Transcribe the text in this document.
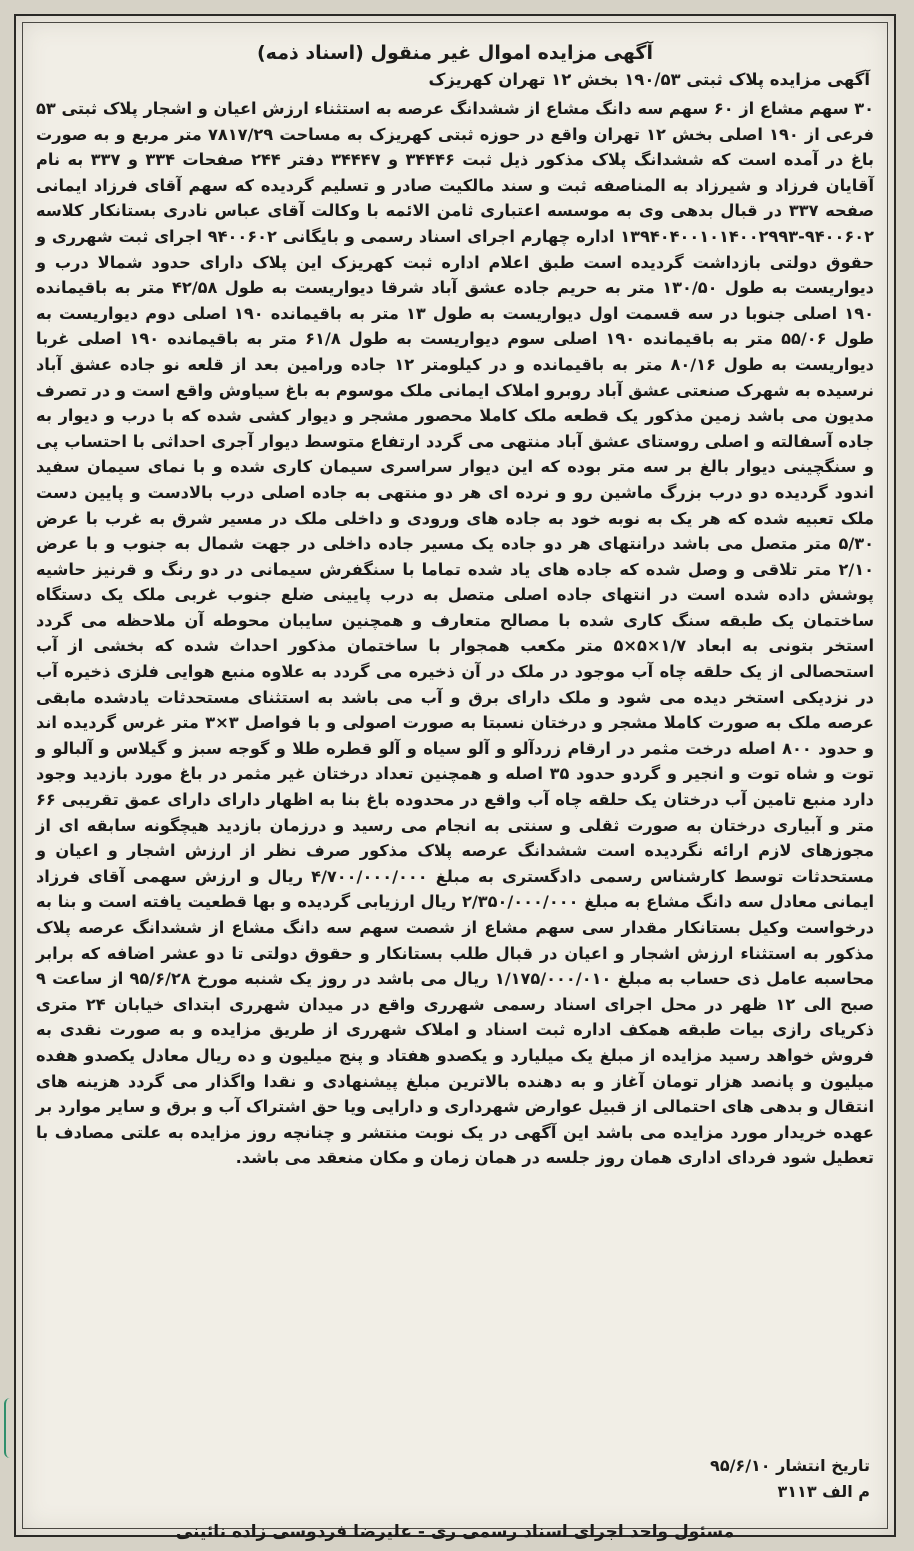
آگهی مزایده اموال غیر منقول (اسناد ذمه)
آگهی مزایده پلاک ثبتی ۱۹۰/۵۳ بخش ۱۲ تهران کهریزک
۳۰ سهم مشاع از ۶۰ سهم سه دانگ مشاع از ششدانگ عرصه به استثناء ارزش اعیان و اشجار پلاک ثبتی ۵۳ فرعی از ۱۹۰ اصلی بخش ۱۲ تهران واقع در حوزه ثبتی کهریزک به مساحت ۷۸۱۷/۲۹ متر مربع و به صورت باغ در آمده است که ششدانگ پلاک مذکور ذیل ثبت ۳۴۴۴۶ و ۳۴۴۴۷ دفتر ۲۴۴ صفحات ۳۳۴ و ۳۳۷ به نام آقایان فرزاد و شیرزاد به المناصفه ثبت و سند مالکیت صادر و تسلیم گردیده که سهم آقای فرزاد ایمانی صفحه ۳۳۷ در قبال بدهی وی به موسسه اعتباری ثامن الائمه با وکالت آقای عباس نادری بستانکار کلاسه ۹۴۰۰۶۰۲-۱۳۹۴۰۴۰۰۱۰۱۴۰۰۲۹۹۳ اداره چهارم اجرای اسناد رسمی و بایگانی ۹۴۰۰۶۰۲ اجرای ثبت شهرری و حقوق دولتی بازداشت گردیده است طبق اعلام اداره ثبت کهریزک این پلاک دارای حدود شمالا درب و دیواریست به طول ۱۳۰/۵۰ متر به حریم جاده عشق آباد شرقا دیواریست به طول ۴۲/۵۸ متر به باقیمانده ۱۹۰ اصلی جنوبا در سه قسمت اول دیواریست به طول ۱۳ متر به باقیمانده ۱۹۰ اصلی دوم دیواریست به طول ۵۵/۰۶ متر به باقیمانده ۱۹۰ اصلی سوم دیواریست به طول ۶۱/۸ متر به باقیمانده ۱۹۰ اصلی غربا دیواریست به طول ۸۰/۱۶ متر به باقیمانده و در کیلومتر ۱۲ جاده ورامین بعد از قلعه نو جاده عشق آباد نرسیده به شهرک صنعتی عشق آباد روبرو املاک ایمانی ملک موسوم به باغ سیاوش واقع است و در تصرف مدیون می باشد زمین مذکور یک قطعه ملک کاملا محصور مشجر و دیوار کشی شده که با درب و دیوار به جاده آسفالته و اصلی روستای عشق آباد منتهی می گردد ارتفاع متوسط دیوار آجری احداثی با احتساب پی و سنگچینی دیوار بالغ بر سه متر بوده که این دیوار سراسری سیمان کاری شده و با نمای سیمان سفید اندود گردیده دو درب بزرگ ماشین رو و نرده ای هر دو منتهی به جاده اصلی درب بالادست و پایین دست ملک تعبیه شده که هر یک به نوبه خود به جاده های ورودی و داخلی ملک در مسیر شرق به غرب با عرض ۵/۳۰ متر متصل می باشد درانتهای هر دو جاده یک مسیر جاده داخلی در جهت شمال به جنوب و با عرض ۲/۱۰ متر تلاقی و وصل شده که جاده های یاد شده تماما با سنگفرش سیمانی در دو رنگ و قرنیز حاشیه پوشش داده شده است در انتهای جاده اصلی متصل به درب پایینی ضلع جنوب غربی ملک یک دستگاه ساختمان یک طبقه سنگ کاری شده با مصالح متعارف و همچنین سایبان محوطه آن ملاحظه می گردد استخر بتونی به ابعاد ۱/۷×۵×۵ متر مکعب همجوار با ساختمان مذکور احداث شده که بخشی از آب استحصالی از یک حلقه چاه آب موجود در ملک در آن ذخیره می گردد به علاوه منبع هوایی فلزی ذخیره آب در نزدیکی استخر دیده می شود و ملک دارای برق و آب می باشد به استثنای مستحدثات یادشده مابقی عرصه ملک به صورت کاملا مشجر و درختان نسبتا به صورت اصولی و با فواصل ۳×۳ متر غرس گردیده اند و حدود ۸۰۰ اصله درخت مثمر در ارقام زردآلو و آلو سیاه و آلو قطره طلا و گوجه سبز و گیلاس و آلبالو و توت و شاه توت و انجیر و گردو حدود ۳۵ اصله و همچنین تعداد درختان غیر مثمر در باغ مورد بازدید وجود دارد منبع تامین آب درختان یک حلقه چاه آب واقع در محدوده باغ بنا به اظهار دارای دارای عمق تقریبی ۶۶ متر و آبیاری درختان به صورت ثقلی و سنتی به انجام می رسید و درزمان بازدید هیچگونه سابقه ای از مجوزهای لازم ارائه نگردیده است ششدانگ عرصه پلاک مذکور صرف نظر از ارزش اشجار و اعیان و مستحدثات توسط کارشناس رسمی دادگستری به مبلغ ۴/۷۰۰/۰۰۰/۰۰۰ ریال و ارزش سهمی آقای فرزاد ایمانی معادل سه دانگ مشاع به مبلغ ۲/۳۵۰/۰۰۰/۰۰۰ ریال ارزیابی گردیده و بها قطعیت یافته است و بنا به درخواست وکیل بستانکار مقدار سی سهم مشاع از شصت سهم سه دانگ مشاع از ششدانگ عرصه پلاک مذکور به استثناء ارزش اشجار و اعیان در قبال طلب بستانکار و حقوق دولتی تا دو عشر اضافه که برابر محاسبه عامل ذی حساب به مبلغ ۱/۱۷۵/۰۰۰/۰۱۰ ریال می باشد در روز یک شنبه مورخ ۹۵/۶/۲۸ از ساعت ۹ صبح الی ۱۲ ظهر در محل اجرای اسناد رسمی شهرری واقع در میدان شهرری ابتدای خیابان ۲۴ متری ذکریای رازی بیات طبقه همکف اداره ثبت اسناد و املاک شهرری از طریق مزایده و به صورت نقدی به فروش خواهد رسید مزایده از مبلغ یک میلیارد و یکصدو هفتاد و پنج میلیون و ده ریال معادل یکصدو هفده میلیون و پانصد هزار تومان آغاز و به دهنده بالاترین مبلغ پیشنهادی و نقدا واگذار می گردد هزینه های انتقال و بدهی های احتمالی از قبیل عوارض شهرداری و دارایی ویا حق اشتراک آب و برق و سایر موارد بر عهده خریدار مورد مزایده می باشد این آگهی در یک نوبت منتشر و چنانچه روز مزایده به علتی مصادف با تعطیل شود فردای اداری همان روز جلسه در همان زمان و مکان منعقد می باشد.
تاریخ انتشار ۹۵/۶/۱۰
م الف ۳۱۱۳
مسئول واحد اجرای اسناد رسمی ری - علیرضا فردوسی زاده نائینی
